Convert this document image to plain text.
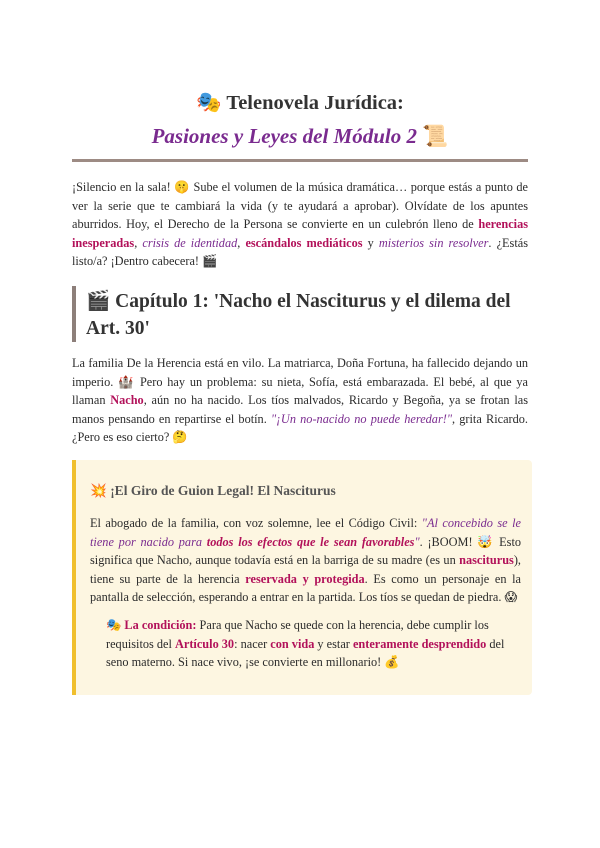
🎭 Telenovela Jurídica:
Pasiones y Leyes del Módulo 2 📜

¡Silencio en la sala! 🤫 Sube el volumen de la música dramática… porque estás a punto de ver la serie que te cambiará la vida (y te ayudará a aprobar). Olvídate de los apuntes aburridos. Hoy, el Derecho de la Persona se convierte en un culebrón lleno de herencias inesperadas, crisis de identidad, escándalos mediáticos y misterios sin resolver. ¿Estás listo/a? ¡Dentro cabecera! 🎬

🎬 Capítulo 1: 'Nacho el Nasciturus y el dilema del Art. 30'

La familia De la Herencia está en vilo. La matriarca, Doña Fortuna, ha fallecido dejando un imperio. 🏰 Pero hay un problema: su nieta, Sofía, está embarazada. El bebé, al que ya llaman Nacho, aún no ha nacido. Los tíos malvados, Ricardo y Begoña, ya se frotan las manos pensando en repartirse el botín. "¡Un no-nacido no puede heredar!", grita Ricardo. ¿Pero es eso cierto? 🤔

💥 ¡El Giro de Guion Legal! El Nasciturus

El abogado de la familia, con voz solemne, lee el Código Civil: "Al concebido se le tiene por nacido para todos los efectos que le sean favorables". ¡BOOM! 🤯 Esto significa que Nacho, aunque todavía está en la barriga de su madre (es un nasciturus), tiene su parte de la herencia reservada y protegida. Es como un personaje en la pantalla de selección, esperando a entrar en la partida. Los tíos se quedan de piedra. 😱

🎭 La condición: Para que Nacho se quede con la herencia, debe cumplir los requisitos del Artículo 30: nacer con vida y estar enteramente desprendido del seno materno. Si nace vivo, ¡se convierte en millonario! 💰
